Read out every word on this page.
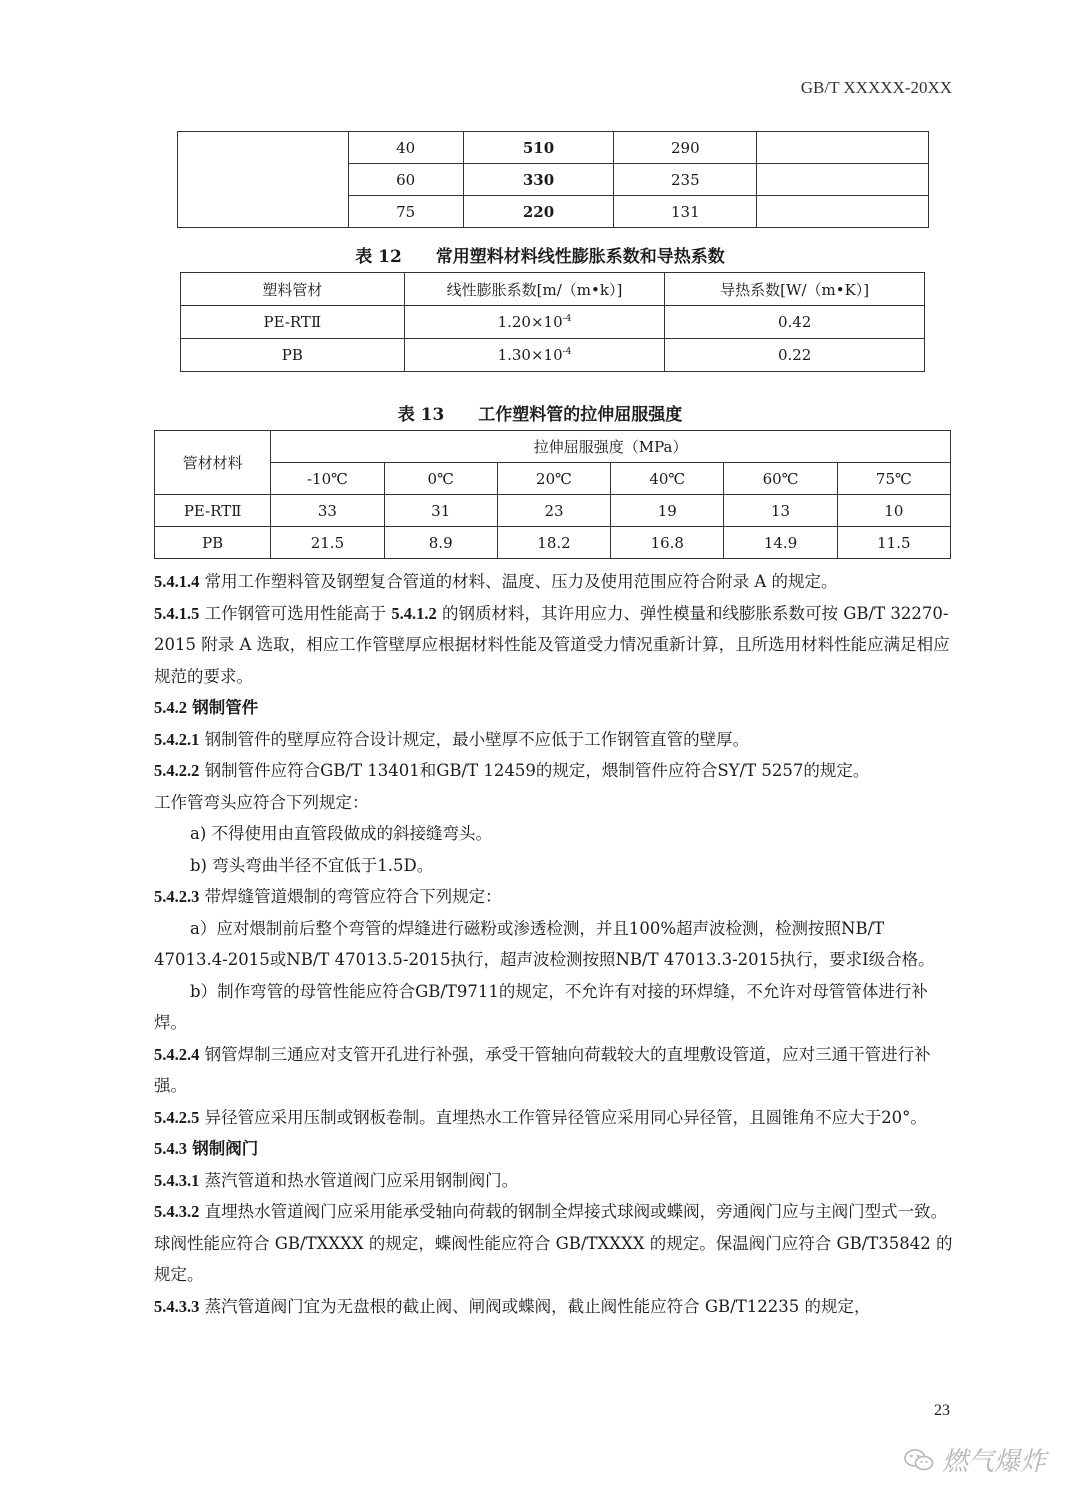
GB/T XXXXX-20XX
	40	510	290	
	60	330	235	
	75	220	131	
表 12　　常用塑料材料线性膨胀系数和导热系数
塑料管材	线性膨胀系数[m/（m•k）]	导热系数[W/（m•K）]
PE-RTⅡ	$1.20\times 10^{-4}$	0.42
PB	$1.30\times 10^{-4}$	0.22
表 13　　工作塑料管的拉伸屈服强度
管材材料	拉伸屈服强度（MPa）					
	-10℃	0℃	20℃	40℃	60℃	75℃
PE-RTⅡ	33	31	23	19	13	10
PB	21.5	8.9	18.2	16.8	14.9	11.5

5.4.1.4 常用工作塑料管及钢塑复合管道的材料、温度、压力及使用范围应符合附录 A 的规定。

5.4.1.5 工作钢管可选用性能高于 5.4.1.2 的钢质材料，其许用应力、弹性模量和线膨胀系数可按 GB/T 32270-2015 附录 A 选取，相应工作管壁厚应根据材料性能及管道受力情况重新计算，且所选用材料性能应满足相应规范的要求。

5.4.2 钢制管件

5.4.2.1 钢制管件的壁厚应符合设计规定，最小壁厚不应低于工作钢管直管的壁厚。

5.4.2.2 钢制管件应符合GB/T 13401和GB/T 12459的规定，煨制管件应符合SY/T 5257的规定。

工作管弯头应符合下列规定：

a) 不得使用由直管段做成的斜接缝弯头。

b) 弯头弯曲半径不宜低于1.5D。

5.4.2.3 带焊缝管道煨制的弯管应符合下列规定：

a）应对煨制前后整个弯管的焊缝进行磁粉或渗透检测，并且100%超声波检测，检测按照NB/T 47013.4-2015或NB/T 47013.5-2015执行，超声波检测按照NB/T 47013.3-2015执行，要求Ⅰ级合格。

b）制作弯管的母管性能应符合GB/T9711的规定，不允许有对接的环焊缝，不允许对母管管体进行补焊。

5.4.2.4 钢管焊制三通应对支管开孔进行补强，承受干管轴向荷载较大的直埋敷设管道，应对三通干管进行补强。

5.4.2.5 异径管应采用压制或钢板卷制。直埋热水工作管异径管应采用同心异径管，且圆锥角不应大于20°。

5.4.3 钢制阀门

5.4.3.1 蒸汽管道和热水管道阀门应采用钢制阀门。

5.4.3.2 直埋热水管道阀门应采用能承受轴向荷载的钢制全焊接式球阀或蝶阀，旁通阀门应与主阀门型式一致。球阀性能应符合 GB/TXXXX 的规定，蝶阀性能应符合 GB/TXXXX 的规定。保温阀门应符合 GB/T35842 的规定。

5.4.3.3 蒸汽管道阀门宜为无盘根的截止阀、闸阀或蝶阀，截止阀性能应符合 GB/T12235 的规定，

23
燃气爆炸
